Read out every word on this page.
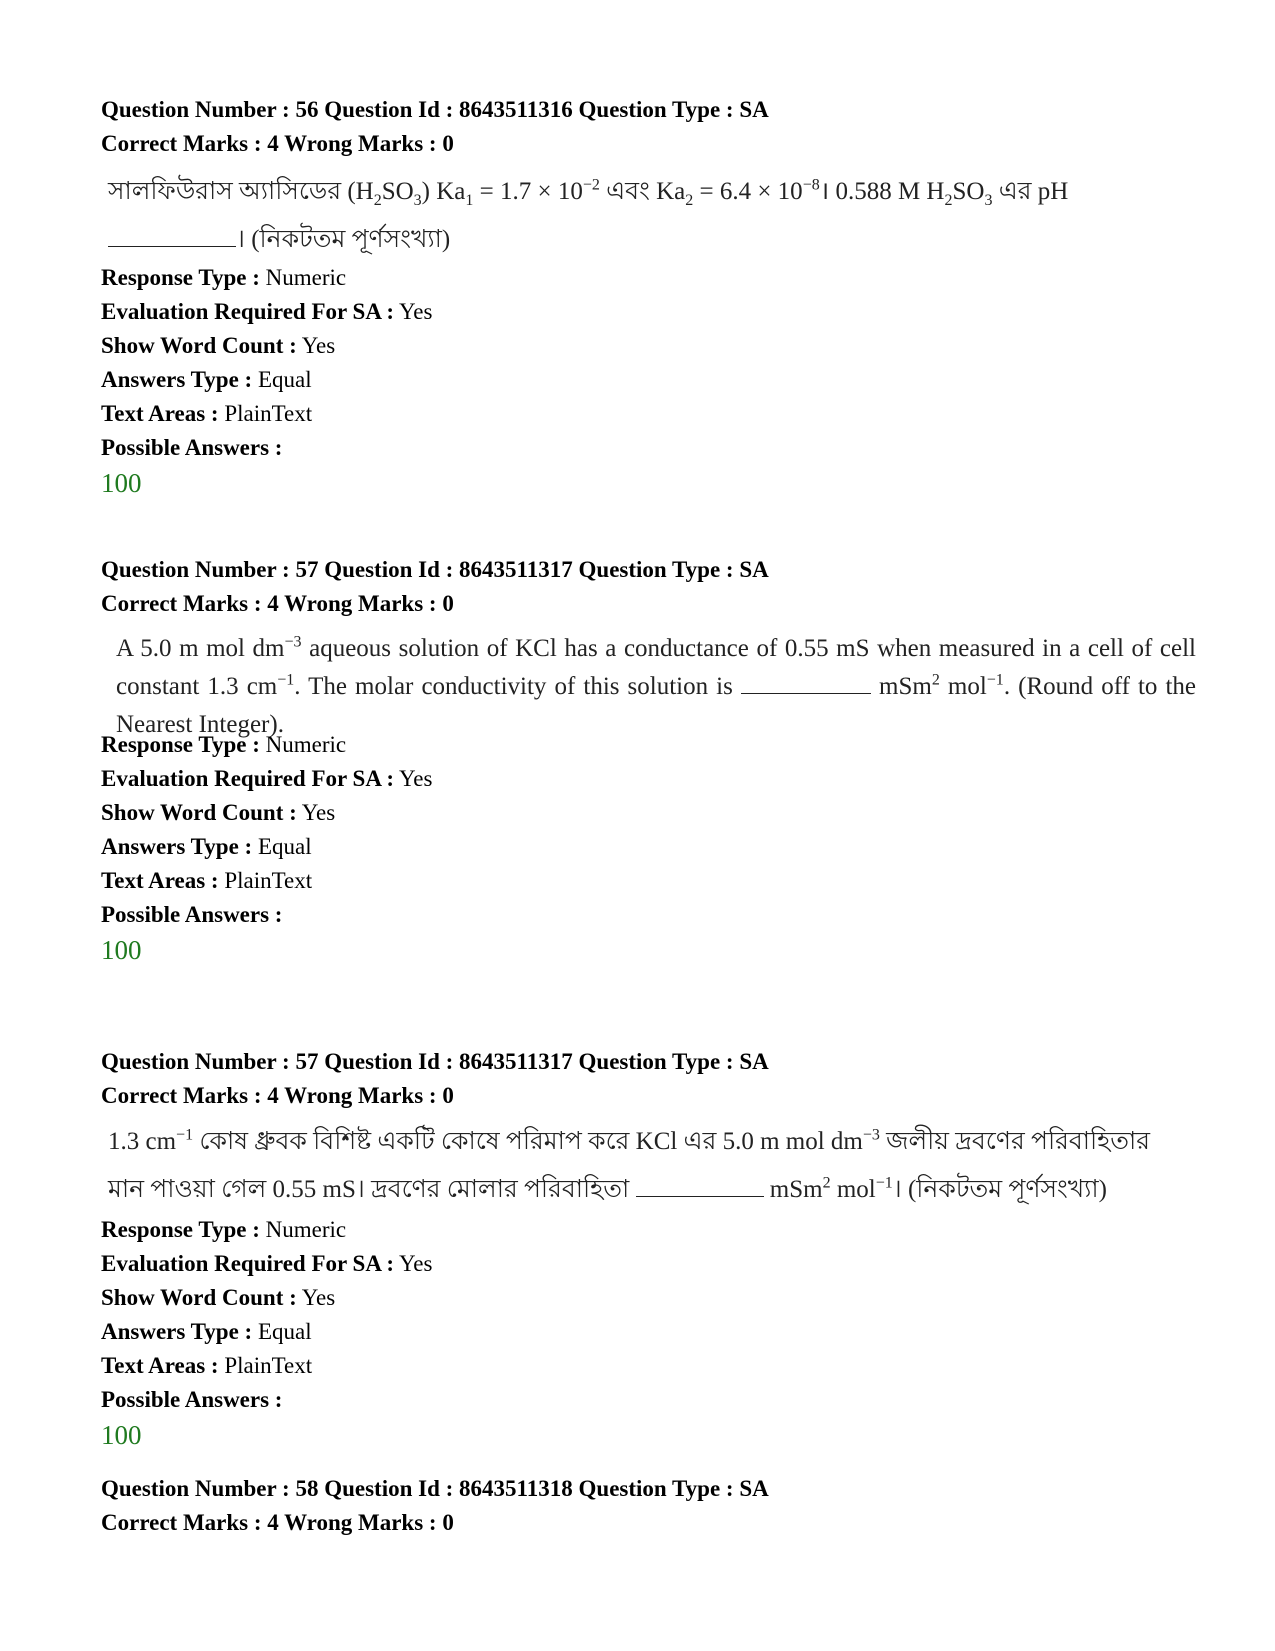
Question Number : 56 Question Id : 8643511316 Question Type : SA
Correct Marks : 4 Wrong Marks : 0
সালফিউরাস অ্যাসিডের $(H_2SO_3) Ka_1 = 1.7 \times 10^{-2}$ এবং $Ka_2 = 6.4$ × $10^{-8}।$ 0.588 M $H_2SO_3$ এর pH
। (নিকটতম পূর্ণসংখ্যা)
Response Type : Numeric
Evaluation Required For SA : Yes
Show Word Count : Yes
Answers Type : Equal
Text Areas : PlainText
Possible Answers :
100
Question Number : 57 Question Id : 8643511317 Question Type : SA
Correct Marks : 4 Wrong Marks : 0
A 5.0 m mol $dm^{-3}$ aqueous solution of KCl has a conductance of 0.55 mS when measured in a cell of cell constant 1.3 $cm^{-1}$. The molar conductivity of this solution is	mSm$^2$ mol$^{-1}$. (Round off to the Nearest Integer).
Response Type : Numeric
Evaluation Required For SA : Yes
Show Word Count : Yes
Answers Type : Equal
Text Areas : PlainText
Possible Answers :
100
Question Number : 57 Question Id : 8643511317 Question Type : SA
Correct Marks : 4 Wrong Marks : 0
1.3 $cm^{-1}$ কোষ ধ্রুবক বিশিষ্ট একটি কোষে পরিমাপ করে KCl এর 5.0 m mol $dm^{-3}$ জলীয় দ্রবণের পরিবাহিতার
মান পাওয়া গেল 0.55 mS। দ্রবণের মোলার পরিবাহিতা	mSm$^2$ mol$^{-1}$। (নিকটতম পূর্ণসংখ্যা)
Response Type : Numeric
Evaluation Required For SA : Yes
Show Word Count : Yes
Answers Type : Equal
Text Areas : PlainText
Possible Answers :
100
Question Number : 58 Question Id : 8643511318 Question Type : SA
Correct Marks : 4 Wrong Marks : 0
